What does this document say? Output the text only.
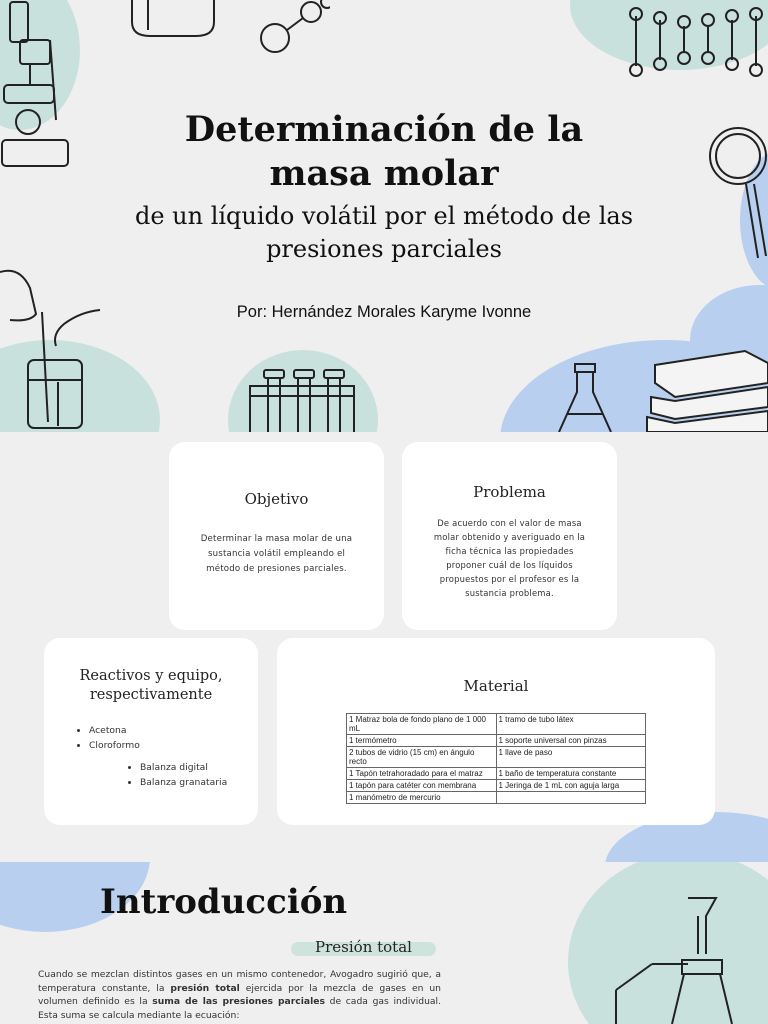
Determinación de la
masa molar
de un líquido volátil por el método de las
presiones parciales
Por: Hernández Morales Karyme Ivonne
Objetivo
Determinar la masa molar de una sustancia volátil empleando el método de presiones parciales.
Problema
De acuerdo con el valor de masa molar obtenido y averiguado en la ficha técnica las propiedades proponer cuál de los líquidos propuestos por el profesor es la sustancia problema.
Reactivos y equipo,
respectivamente
• Acetona
• Cloroformo
• Balanza digital
• Balanza granataria
Material
1 Matraz bola de fondo plano de 1 000 mL	1 tramo de tubo látex
1 termómetro	1 soporte universal con pinzas
2 tubos de vidrio (15 cm) en ángulo recto	1 llave de paso
1 Tapón tetrahoradado para el matraz	1 baño de temperatura constante
1 tapón para catéter con membrana	1 Jeringa de 1 mL con aguja larga
1 manómetro de mercurio	
Introducción
Presión total
Cuando se mezclan distintos gases en un mismo contenedor, Avogadro sugirió que, a temperatura constante, la presión total ejercida por la mezcla de gases en un volumen definido es la suma de las presiones parciales de cada gas individual. Esta suma se calcula mediante la ecuación:
